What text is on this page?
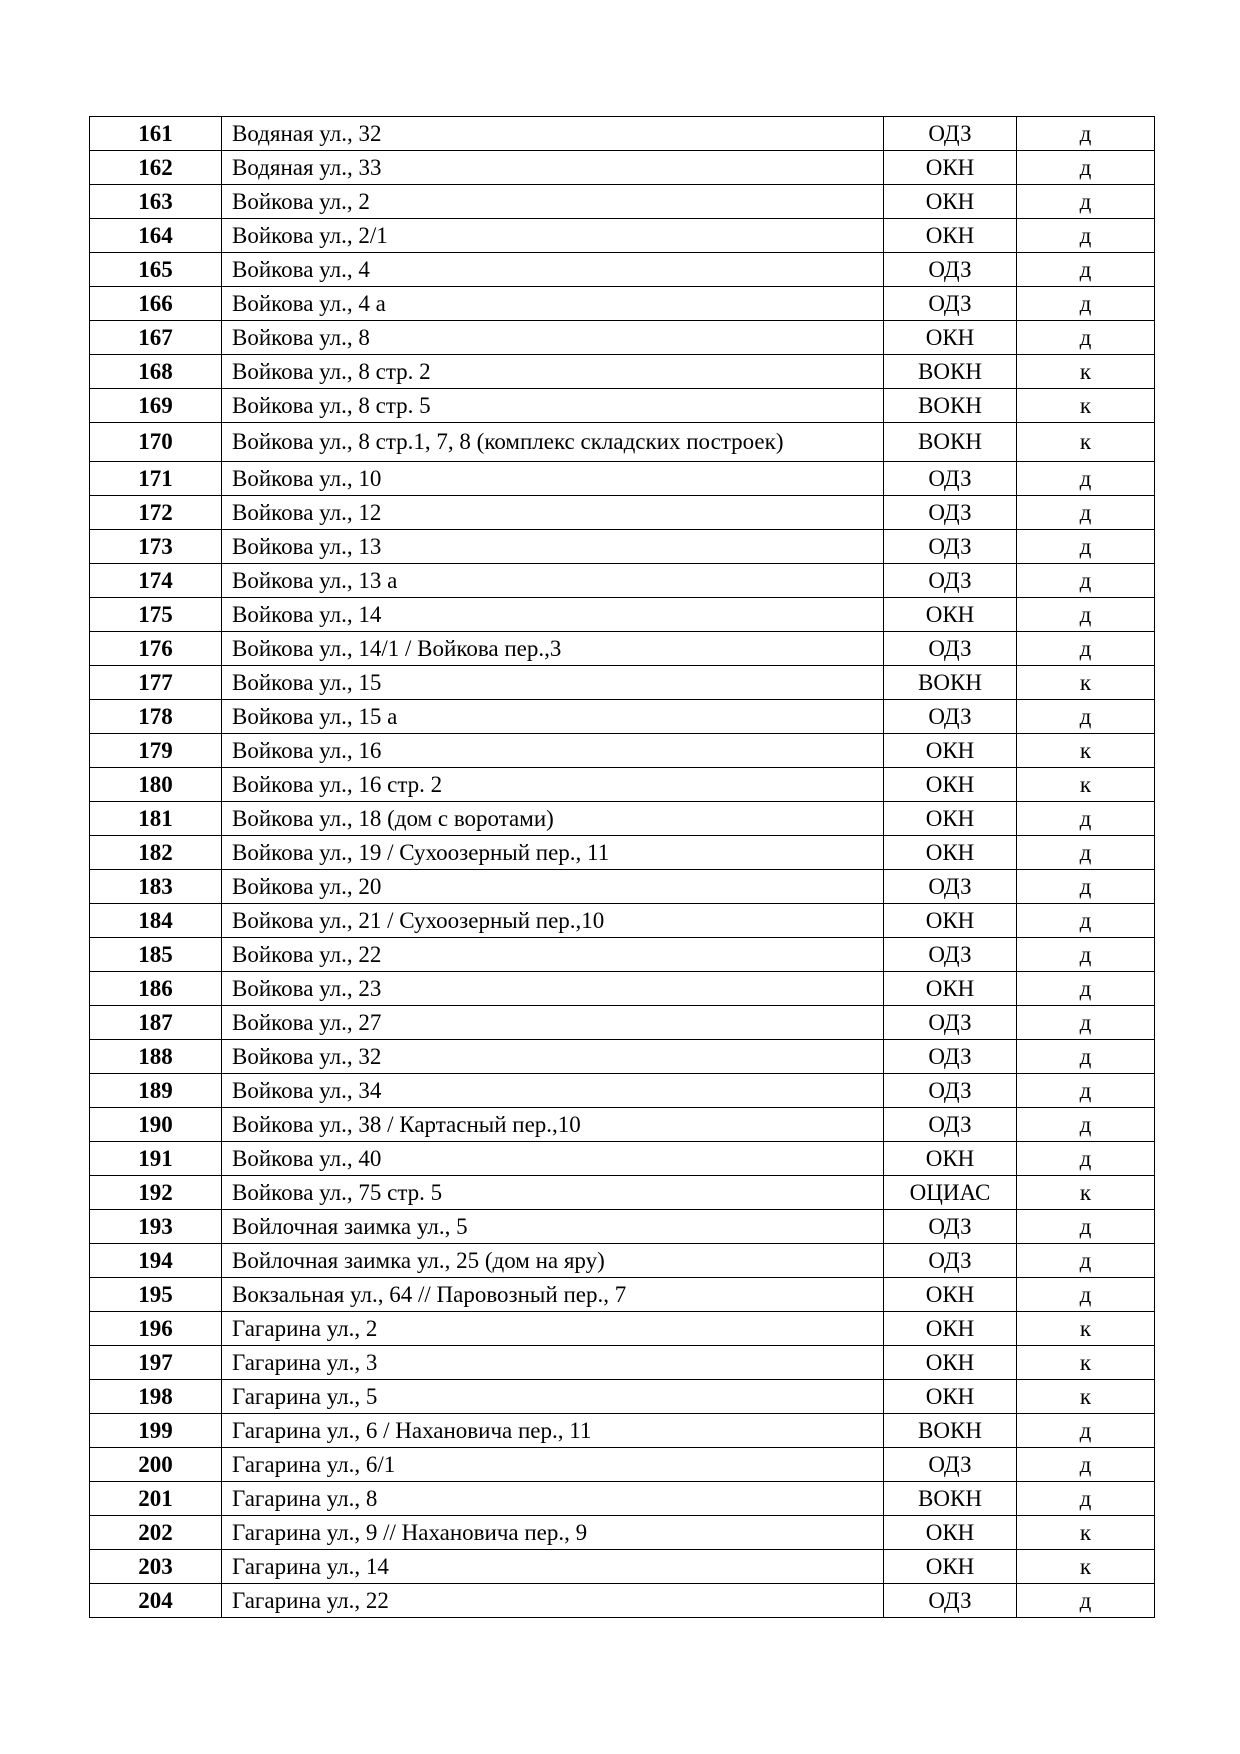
161	Водяная ул., 32	ОДЗ	д
162	Водяная ул., 33	ОКН	д
163	Войкова ул., 2	ОКН	д
164	Войкова ул., 2/1	ОКН	д
165	Войкова ул., 4	ОДЗ	д
166	Войкова ул., 4 а	ОДЗ	д
167	Войкова ул., 8	ОКН	д
168	Войкова ул., 8 стр. 2	ВОКН	к
169	Войкова ул., 8 стр. 5	ВОКН	к
170	Войкова ул., 8 стр.1, 7, 8 (комплекс складских построек)	ВОКН	к
171	Войкова ул., 10	ОДЗ	д
172	Войкова ул., 12	ОДЗ	д
173	Войкова ул., 13	ОДЗ	д
174	Войкова ул., 13 а	ОДЗ	д
175	Войкова ул., 14	ОКН	д
176	Войкова ул., 14/1 / Войкова пер.,3	ОДЗ	д
177	Войкова ул., 15	ВОКН	к
178	Войкова ул., 15 а	ОДЗ	д
179	Войкова ул., 16	ОКН	к
180	Войкова ул., 16 стр. 2	ОКН	к
181	Войкова ул., 18 (дом с воротами)	ОКН	д
182	Войкова ул., 19 / Сухоозерный пер., 11	ОКН	д
183	Войкова ул., 20	ОДЗ	д
184	Войкова ул., 21 / Сухоозерный пер.,10	ОКН	д
185	Войкова ул., 22	ОДЗ	д
186	Войкова ул., 23	ОКН	д
187	Войкова ул., 27	ОДЗ	д
188	Войкова ул., 32	ОДЗ	д
189	Войкова ул., 34	ОДЗ	д
190	Войкова ул., 38 / Картасный пер.,10	ОДЗ	д
191	Войкова ул., 40	ОКН	д
192	Войкова ул., 75 стр. 5	ОЦИАС	к
193	Войлочная заимка ул., 5	ОДЗ	д
194	Войлочная заимка ул., 25 (дом на яру)	ОДЗ	д
195	Вокзальная ул., 64 // Паровозный пер., 7	ОКН	д
196	Гагарина ул., 2	ОКН	к
197	Гагарина ул., 3	ОКН	к
198	Гагарина ул., 5	ОКН	к
199	Гагарина ул., 6 / Нахановича пер., 11	ВОКН	д
200	Гагарина ул., 6/1	ОДЗ	д
201	Гагарина ул., 8	ВОКН	д
202	Гагарина ул., 9 // Нахановича пер., 9	ОКН	к
203	Гагарина ул., 14	ОКН	к
204	Гагарина ул., 22	ОДЗ	д
